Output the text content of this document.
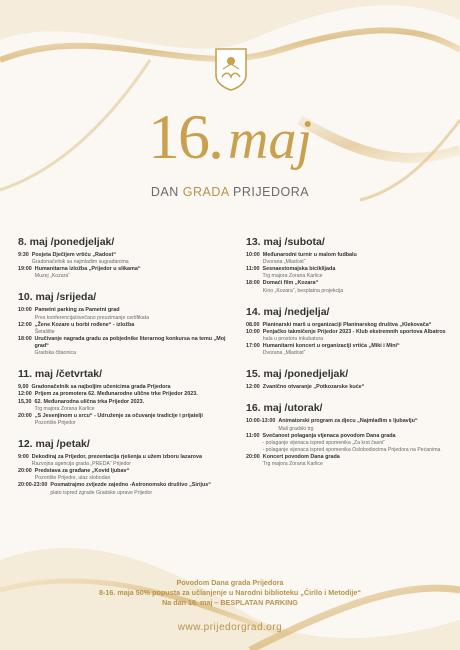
16. maj
DAN GRADA PRIJEDORA
8. maj /ponedjeljak/
9:30 Posjeta Dječijem vrtiću „Radost“
Gradonačelnik sa najmlađim sugrađanima
19:00 Humanitarna izložba „Prijedor u slikama“
Muzej „Kozara“
10. maj /srijeda/
10:00 Pametni parking za Pametni grad
Pres konferencija/svečano preuzimanje certifikata
12:00 „Žene Kozare u borbi rođene“ - izložba
Šetalište
18:00 Uručivanje nagrada gradu za pobjednike literarnog konkursa na temu „Moj grad“
Gradska čitaonica
11. maj /četvrtak/
9,00 Gradonačelnik sa najboljim učenicima grada Prijedora
12:00 Prijem za promotera 62. Međunarodne ulične trke Prijedor 2023.
15,30 62. Međunarodna ulična trka Prijedor 2023.
Trg majora Zorana Karlice
20:00 „S Jesenjinom u srcu“ - Udruženje za očuvanje tradicije i prijatelji
Pozorište Prijedor
12. maj /petak/
9:00 Dekodiraj za Prijedor, prezentacija rješenja u užem izboru lazarova
Razvojna agencija grada „PREDA“ Prijedor
20:00 Predstava za građane „Kovid ljubav“
Pozorište Prijedor, ulaz slobodan
20:00-23:00 Posmatrajmo zvijezde zajedno -Astronomsko društvo „Sirijus“
plato ispred zgrade Gradske uprave Prijedor
13. maj /subota/
10:00 Međunarodni turnir u malom fudbalu
Dvorana „Mladost“
11:00 Sesnaestomajska biciklijada
Trg majora Zorana Karlice
18:00 Domaći film „Kozara“
Kino „Kozara“, besplatna projekcija
14. maj /nedjelja/
08.00 Planinarski marš u organizaciji Planinarskog društva „Klekovača“
10:00 Penjačko takmičenje Prijedor 2023 - Klub ekstremnih sportova Albatros
hala u prostoru inkubatora
17:00 Humanitarni koncert u organizaciji vrtića „Miki i Mini“
Dvorana „Mladost“
15. maj /ponedjeljak/
12:00 Zvanično otvaranje „Potkozarske kuće“
16. maj /utorak/
10:00-13:00 Animatorski program za djecu „Najmlađim s ljubavlju“
Mali gradski trg
11:00 Svečanost polaganja vijenaca povodom Dana grada
- polaganje vijenaca ispred spomenika „Za krst časni“
- polaganje vijenaca ispred spomenika Oslobodiocima Prijedora na Pećanima
20:00 Koncert povodom Dana grada
Trg majora Zorana Karlice
Povodom Dana grada Prijedora
8-16. maja 50% popusta za učlanjenje u Narodni biblioteku „Ćirilo i Metodije“
Na dan 16. maj – BESPLATAN PARKING
www.prijedorgrad.org
